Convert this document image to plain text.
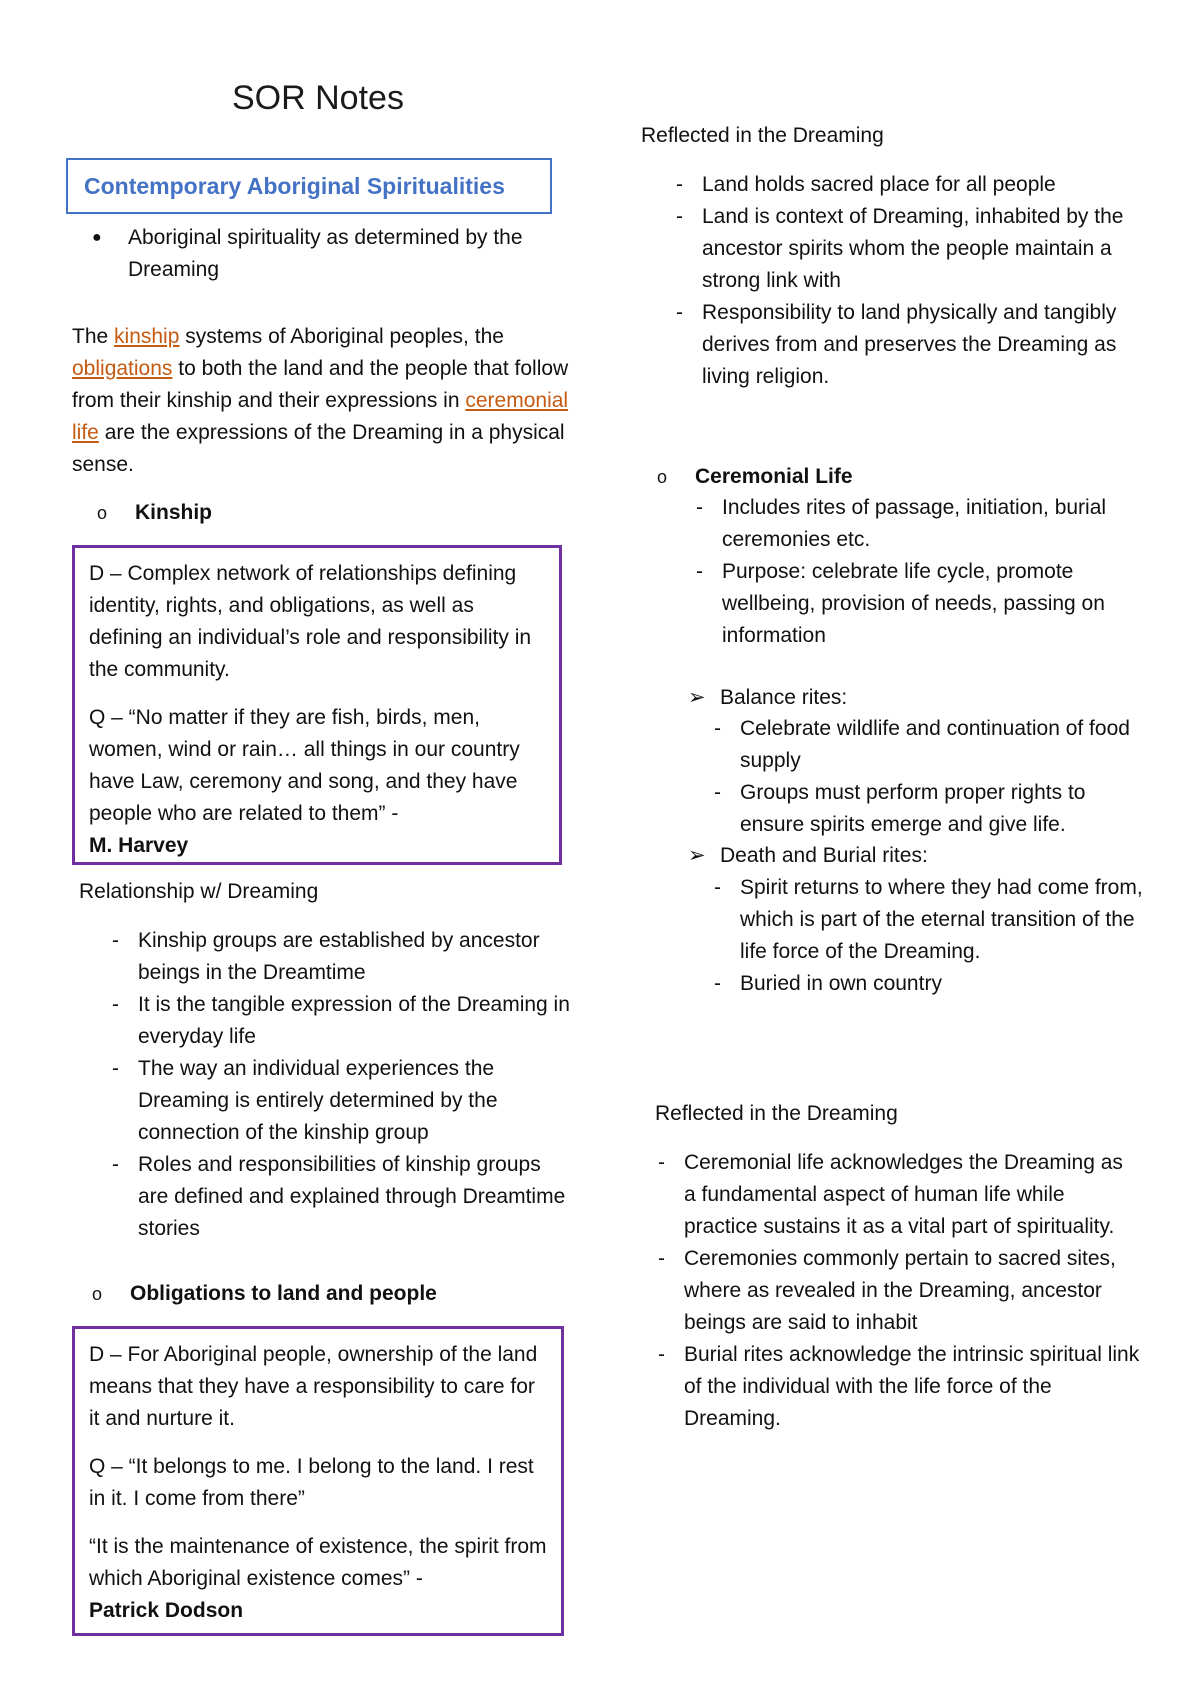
SOR Notes
Contemporary Aboriginal Spiritualities
●	Aboriginal spirituality as determined by the Dreaming

The kinship systems of Aboriginal peoples, the obligations to both the land and the people that follow from their kinship and their expressions in ceremonial life are the expressions of the Dreaming in a physical sense.

o	Kinship

D – Complex network of relationships defining identity, rights, and obligations, as well as defining an individual’s role and responsibility in the community.

Q – “No matter if they are fish, birds, men, women, wind or rain… all things in our country have Law, ceremony and song, and they have people who are related to them” -
M. Harvey

Relationship w/ Dreaming
- Kinship groups are established by ancestor beings in the Dreamtime
- It is the tangible expression of the Dreaming in everyday life
- The way an individual experiences the Dreaming is entirely determined by the connection of the kinship group
- Roles and responsibilities of kinship groups are defined and explained through Dreamtime stories
o	Obligations to land and people

D – For Aboriginal people, ownership of the land means that they have a responsibility to care for it and nurture it.

Q – “It belongs to me. I belong to the land. I rest in it. I come from there”

“It is the maintenance of existence, the spirit from which Aboriginal existence comes” -
Patrick Dodson

Reflected in the Dreaming
- Land holds sacred place for all people
- Land is context of Dreaming, inhabited by the ancestor spirits whom the people maintain a strong link with
- Responsibility to land physically and tangibly derives from and preserves the Dreaming as living religion.
o	Ceremonial Life
- Includes rites of passage, initiation, burial ceremonies etc.
- Purpose: celebrate life cycle, promote wellbeing, provision of needs, passing on information
➢ Balance rites:
- Celebrate wildlife and continuation of food supply
- Groups must perform proper rights to ensure spirits emerge and give life.
➢ Death and Burial rites:
- Spirit returns to where they had come from, which is part of the eternal transition of the life force of the Dreaming.
- Buried in own country
Reflected in the Dreaming
- Ceremonial life acknowledges the Dreaming as a fundamental aspect of human life while practice sustains it as a vital part of spirituality.
- Ceremonies commonly pertain to sacred sites, where as revealed in the Dreaming, ancestor beings are said to inhabit
- Burial rites acknowledge the intrinsic spiritual link of the individual with the life force of the Dreaming.
